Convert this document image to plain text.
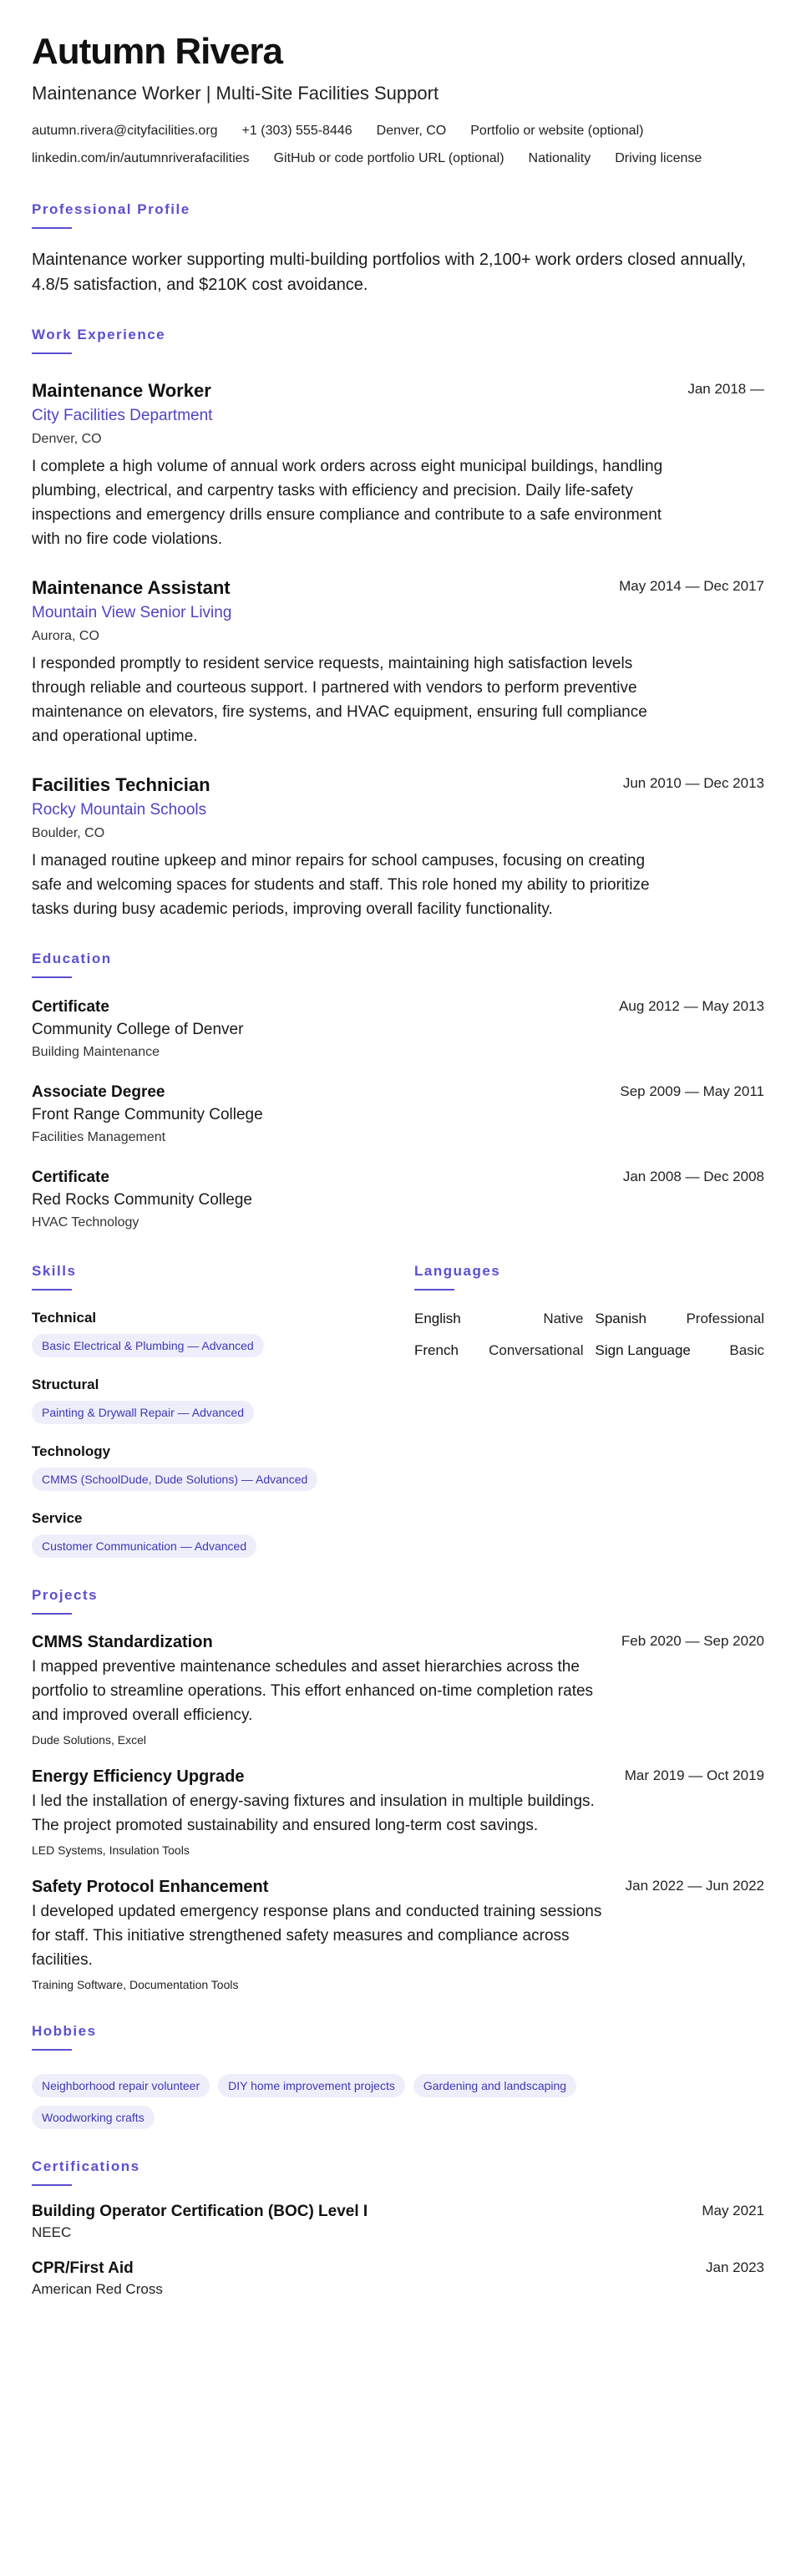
Autumn Rivera
Maintenance Worker | Multi-Site Facilities Support
autumn.rivera@cityfacilities.org +1 (303) 555-8446 Denver, CO Portfolio or website (optional)
linkedin.com/in/autumnriverafacilities GitHub or code portfolio URL (optional) Nationality Driving license
Professional Profile
Maintenance worker supporting multi-building portfolios with 2,100+ work orders closed annually, 4.8/5 satisfaction, and $210K cost avoidance.
Work Experience
Maintenance Worker	Jan 2018 —
City Facilities Department
Denver, CO
I complete a high volume of annual work orders across eight municipal buildings, handling plumbing, electrical, and carpentry tasks with efficiency and precision. Daily life-safety inspections and emergency drills ensure compliance and contribute to a safe environment with no fire code violations.
Maintenance Assistant	May 2014 — Dec 2017
Mountain View Senior Living
Aurora, CO
I responded promptly to resident service requests, maintaining high satisfaction levels through reliable and courteous support. I partnered with vendors to perform preventive maintenance on elevators, fire systems, and HVAC equipment, ensuring full compliance and operational uptime.
Facilities Technician	Jun 2010 — Dec 2013
Rocky Mountain Schools
Boulder, CO
I managed routine upkeep and minor repairs for school campuses, focusing on creating safe and welcoming spaces for students and staff. This role honed my ability to prioritize tasks during busy academic periods, improving overall facility functionality.
Education
Certificate	Aug 2012 — May 2013
Community College of Denver
Building Maintenance
Associate Degree	Sep 2009 — May 2011
Front Range Community College
Facilities Management
Certificate	Jan 2008 — Dec 2008
Red Rocks Community College
HVAC Technology
Skills
Technical
Basic Electrical & Plumbing — Advanced
Structural
Painting & Drywall Repair — Advanced
Technology
CMMS (SchoolDude, Dude Solutions) — Advanced
Service
Customer Communication — Advanced
Languages
English	Native Spanish	Professional
French Conversational Sign Language	Basic
Projects
CMMS Standardization	Feb 2020 — Sep 2020
I mapped preventive maintenance schedules and asset hierarchies across the portfolio to streamline operations. This effort enhanced on-time completion rates and improved overall efficiency.
Dude Solutions, Excel
Energy Efficiency Upgrade	Mar 2019 — Oct 2019
I led the installation of energy-saving fixtures and insulation in multiple buildings. The project promoted sustainability and ensured long-term cost savings.
LED Systems, Insulation Tools
Safety Protocol Enhancement	Jan 2022 — Jun 2022
I developed updated emergency response plans and conducted training sessions for staff. This initiative strengthened safety measures and compliance across facilities.
Training Software, Documentation Tools
Hobbies
Neighborhood repair volunteer DIY home improvement projects Gardening and landscapingWoodworking crafts
Certifications
Building Operator Certification (BOC) Level I	May 2021
NEEC
CPR/First Aid	Jan 2023
American Red Cross
